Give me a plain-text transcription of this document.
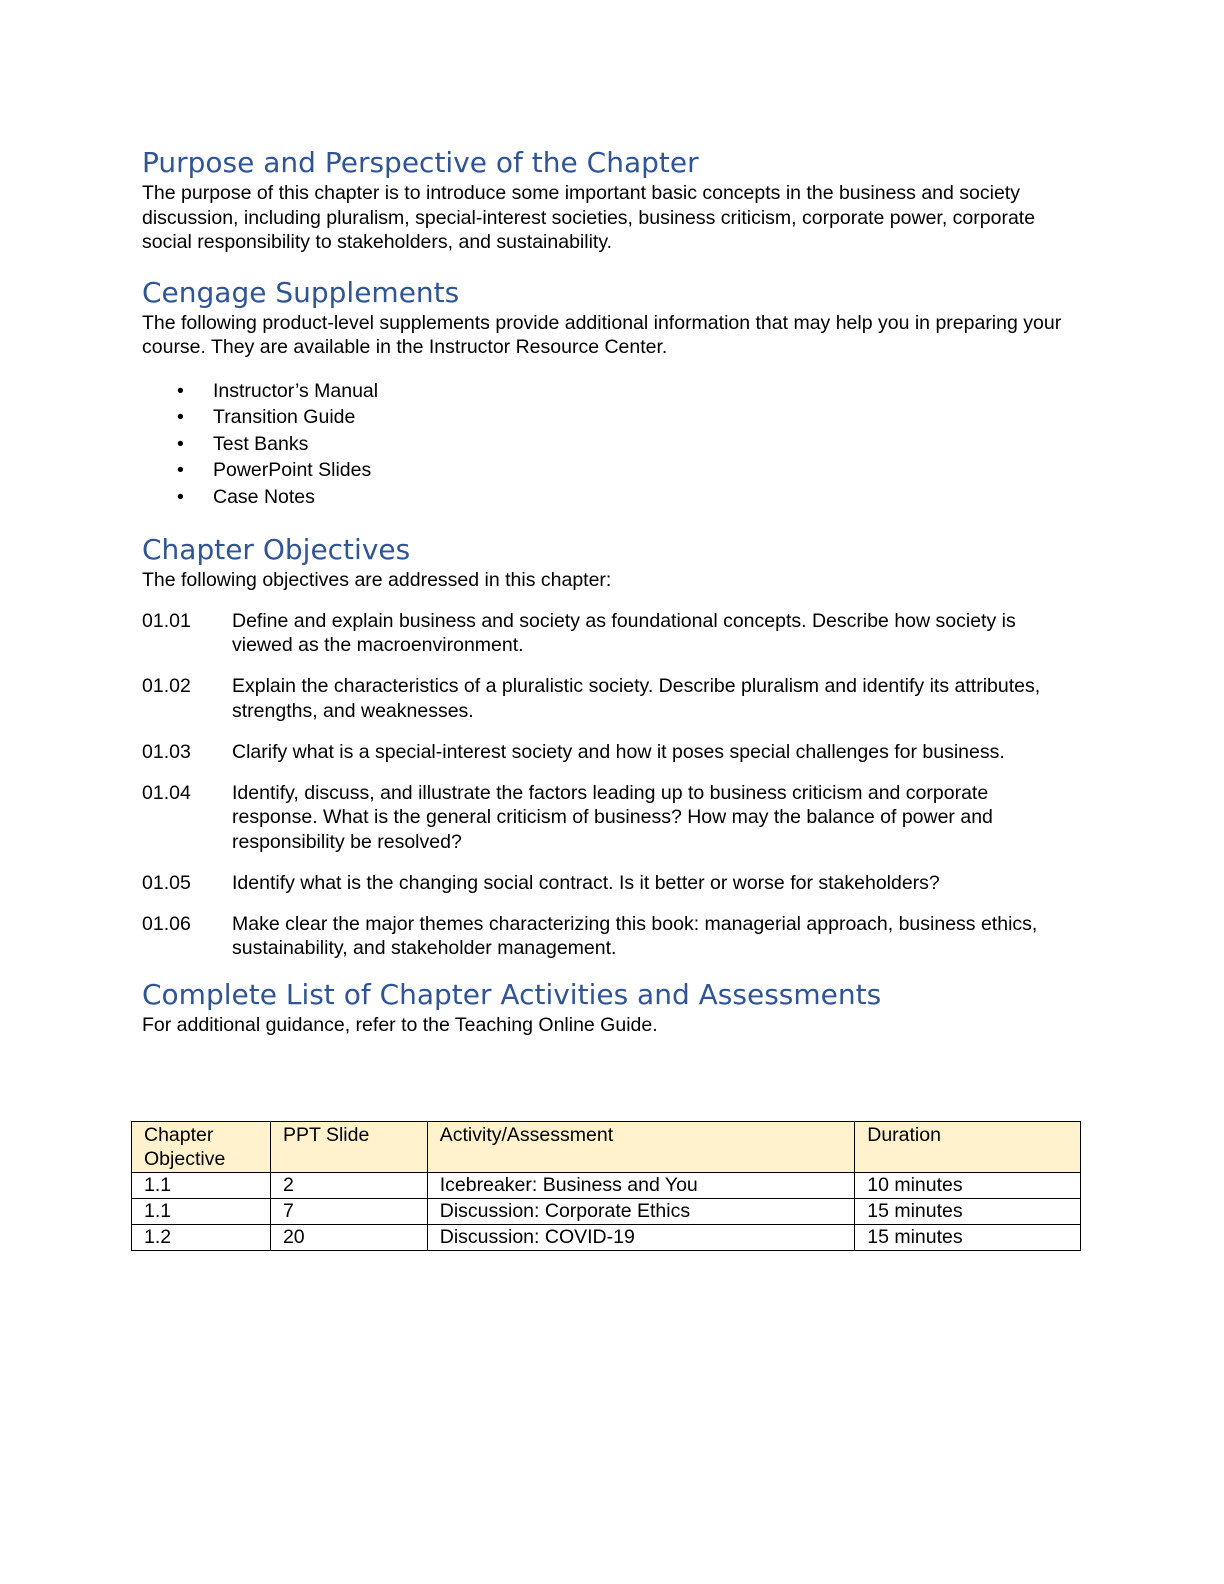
Purpose and Perspective of the Chapter

The purpose of this chapter is to introduce some important basic concepts in the business and society discussion, including pluralism, special-interest societies, business criticism, corporate power, corporate social responsibility to stakeholders, and sustainability.

Cengage Supplements

The following product-level supplements provide additional information that may help you in preparing your course. They are available in the Instructor Resource Center.

• Instructor’s Manual
• Transition Guide
• Test Banks
• PowerPoint Slides
• Case Notes
Chapter Objectives

The following objectives are addressed in this chapter:

01.01	Define and explain business and society as foundational concepts. Describe how society is viewed as the macroenvironment.
01.02	Explain the characteristics of a pluralistic society. Describe pluralism and identify its attributes, strengths, and weaknesses.
01.03	Clarify what is a special-interest society and how it poses special challenges for business.
01.04	Identify, discuss, and illustrate the factors leading up to business criticism and corporate response. What is the general criticism of business? How may the balance of power and responsibility be resolved?
01.05	Identify what is the changing social contract. Is it better or worse for stakeholders?
01.06	Make clear the major themes characterizing this book: managerial approach, business ethics, sustainability, and stakeholder management.
Complete List of Chapter Activities and Assessments

For additional guidance, refer to the Teaching Online Guide.

Chapter Objective	PPT Slide	Activity/Assessment	Duration
1.1	2	Icebreaker: Business and You	10 minutes
1.1	7	Discussion: Corporate Ethics	15 minutes
1.2	20	Discussion: COVID-19	15 minutes
